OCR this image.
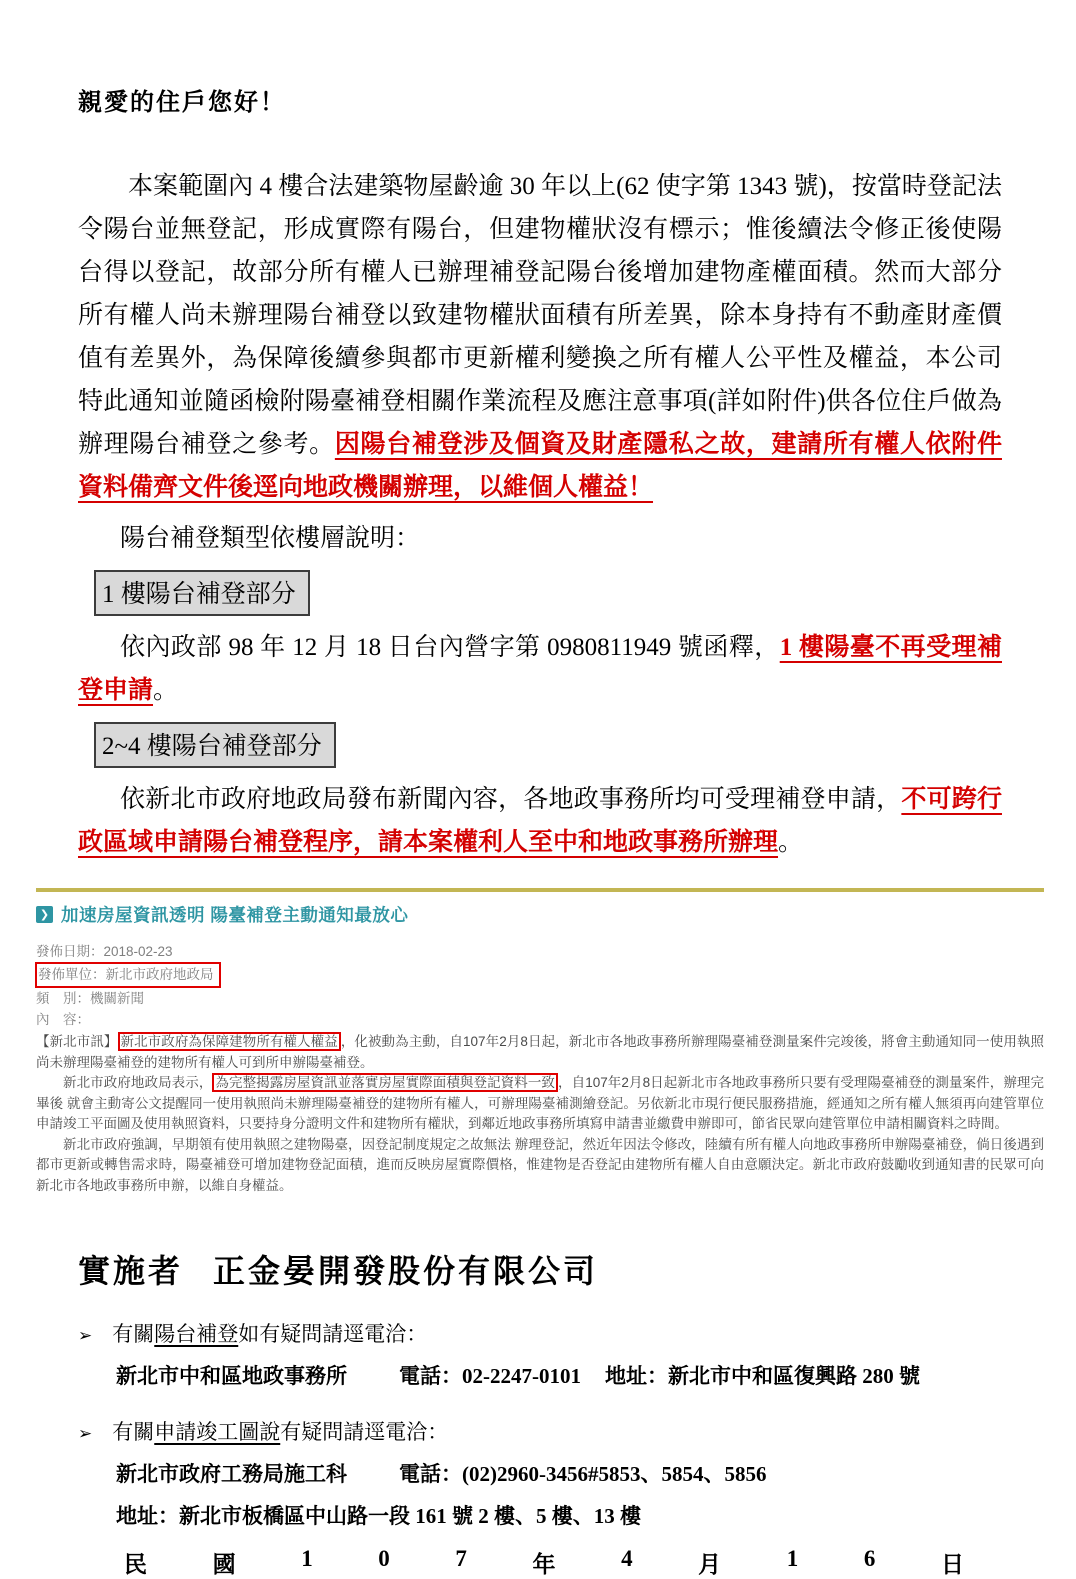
親愛的住戶您好！

本案範圍內 4 樓合法建築物屋齡逾 30 年以上(62 使字第 1343 號)，按當時登記法令陽台並無登記，形成實際有陽台，但建物權狀沒有標示；惟後續法令修正後使陽台得以登記，故部分所有權人已辦理補登記陽台後增加建物產權面積。然而大部分所有權人尚未辦理陽台補登以致建物權狀面積有所差異，除本身持有不動產財產價值有差異外，為保障後續參與都市更新權利變換之所有權人公平性及權益，本公司特此通知並隨函檢附陽臺補登相關作業流程及應注意事項(詳如附件)供各位住戶做為辦理陽台補登之參考。因陽台補登涉及個資及財產隱私之故，建請所有權人依附件資料備齊文件後逕向地政機關辦理，以維個人權益！

陽台補登類型依樓層說明：

1 樓陽台補登部分

依內政部 98 年 12 月 18 日台內營字第 0980811949 號函釋，1 樓陽臺不再受理補登申請。

2~4 樓陽台補登部分

依新北市政府地政局發布新聞內容，各地政事務所均可受理補登申請，不可跨行政區域申請陽台補登程序，請本案權利人至中和地政事務所辦理。

❯ 加速房屋資訊透明 陽臺補登主動通知最放心
發佈日期：2018-02-23
發佈單位：新北市政府地政局
頻　別：機關新聞
內　容：

【新北市訊】 新北市政府為保障建物所有權人權益 ，化被動為主動，自107年2月8日起，新北市各地政事務所辦理陽臺補登測量案件完竣後，將會主動通知同一使用執照尚未辦理陽臺補登的建物所有權人可到所申辦陽臺補登。

新北市政府地政局表示， 為完整揭露房屋資訊並落實房屋實際面積與登記資料一致 ，自107年2月8日起新北市各地政事務所只要有受理陽臺補登的測量案件，辦理完畢後 就會主動寄公文提醒同一使用執照尚未辦理陽臺補登的建物所有權人，可辦理陽臺補測繪登記。另依新北市現行便民服務措施，經通知之所有權人無須再向建管單位申請竣工平面圖及使用執照資料，只要持身分證明文件和建物所有權狀，到鄰近地政事務所填寫申請書並繳費申辦即可，節省民眾向建管單位申請相關資料之時間。

新北市政府強調，早期領有使用執照之建物陽臺，因登記制度規定之故無法 辦理登記，然近年因法令修改，陸續有所有權人向地政事務所申辦陽臺補登，倘日後遇到都市更新或轉售需求時，陽臺補登可增加建物登記面積，進而反映房屋實際價格，惟建物是否登記由建物所有權人自由意願決定。新北市政府鼓勵收到通知書的民眾可向新北市各地政事務所申辦，以維自身權益。

實施者 正金晏開發股份有限公司
➢ 有關陽台補登如有疑問請逕電洽：
新北市中和區地政事務所 電話：02-2247-0101 地址：新北市中和區復興路 280 號
➢ 有關申請竣工圖說有疑問請逕電洽：
新北市政府工務局施工科 電話：(02)2960-3456#5853、5854、5856
地址：新北市板橋區中山路一段 161 號 2 樓、5 樓、13 樓
民	國	1	0	7	年	4	月	1	6	日
